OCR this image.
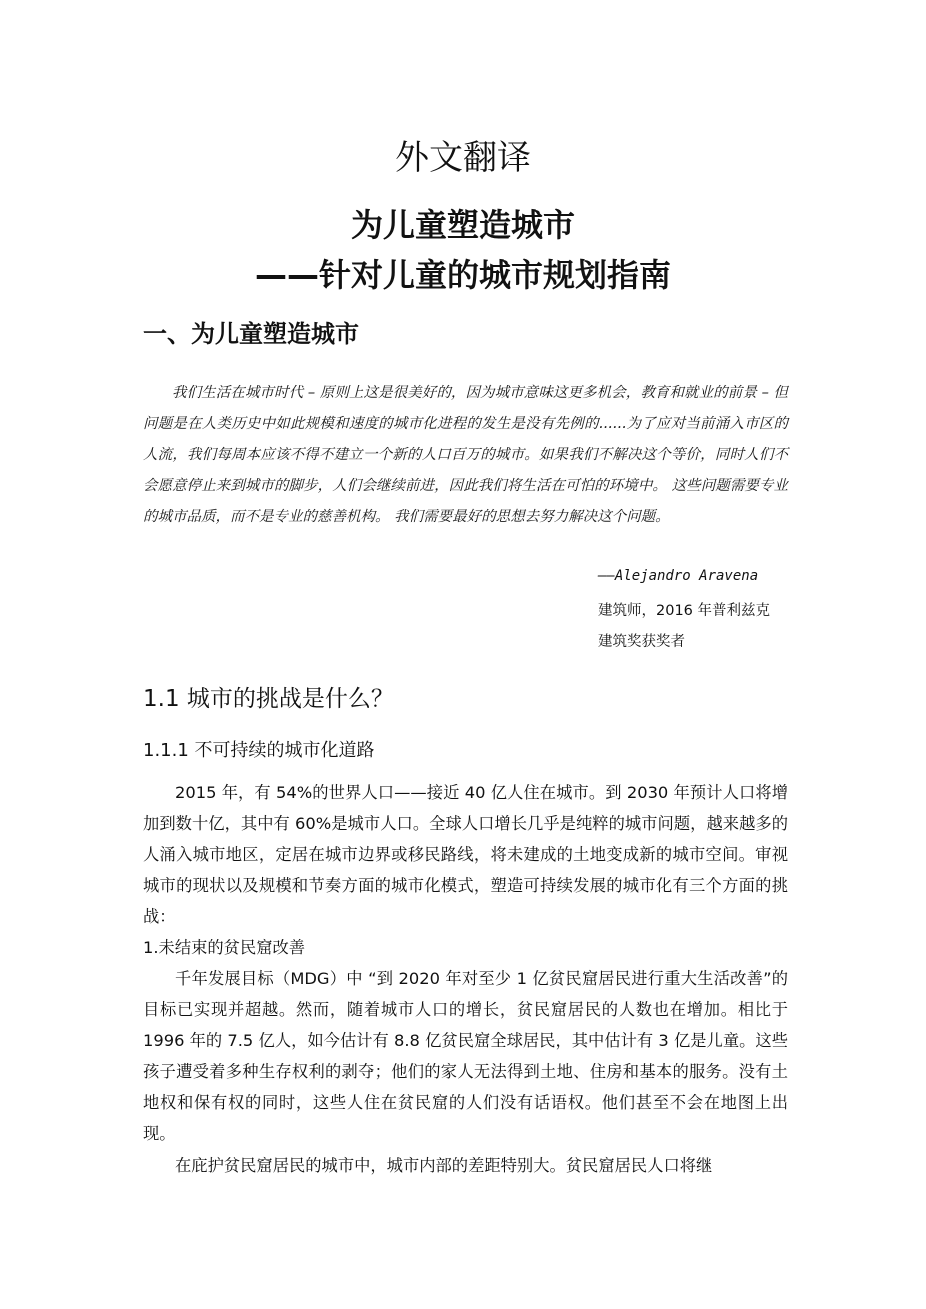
外文翻译
为儿童塑造城市
——针对儿童的城市规划指南
一、为儿童塑造城市

我们生活在城市时代 – 原则上这是很美好的，因为城市意味这更多机会，教育和就业的前景 – 但问题是在人类历史中如此规模和速度的城市化进程的发生是没有先例的......为了应对当前涌入市区的人流，我们每周本应该不得不建立一个新的人口百万的城市。如果我们不解决这个等价，同时人们不会愿意停止来到城市的脚步，人们会继续前进，因此我们将生活在可怕的环境中。 这些问题需要专业的城市品质，而不是专业的慈善机构。 我们需要最好的思想去努力解决这个问题。

——Alejandro Aravena

建筑师，2016 年普利兹克

建筑奖获奖者

1.1 城市的挑战是什么？
1.1.1 不可持续的城市化道路

2015 年，有 54%的世界人口——接近 40 亿人住在城市。到 2030 年预计人口将增加到数十亿，其中有 60%是城市人口。全球人口增长几乎是纯粹的城市问题，越来越多的人涌入城市地区，定居在城市边界或移民路线，将未建成的土地变成新的城市空间。审视城市的现状以及规模和节奏方面的城市化模式，塑造可持续发展的城市化有三个方面的挑战：

1.未结束的贫民窟改善

千年发展目标（MDG）中 “到 2020 年对至少 1 亿贫民窟居民进行重大生活改善”的目标已实现并超越。然而，随着城市人口的增长，贫民窟居民的人数也在增加。相比于 1996 年的 7.5 亿人，如今估计有 8.8 亿贫民窟全球居民，其中估计有 3 亿是儿童。这些孩子遭受着多种生存权利的剥夺；他们的家人无法得到土地、住房和基本的服务。没有土地权和保有权的同时，这些人住在贫民窟的人们没有话语权。他们甚至不会在地图上出现。

在庇护贫民窟居民的城市中，城市内部的差距特别大。贫民窟居民人口将继
